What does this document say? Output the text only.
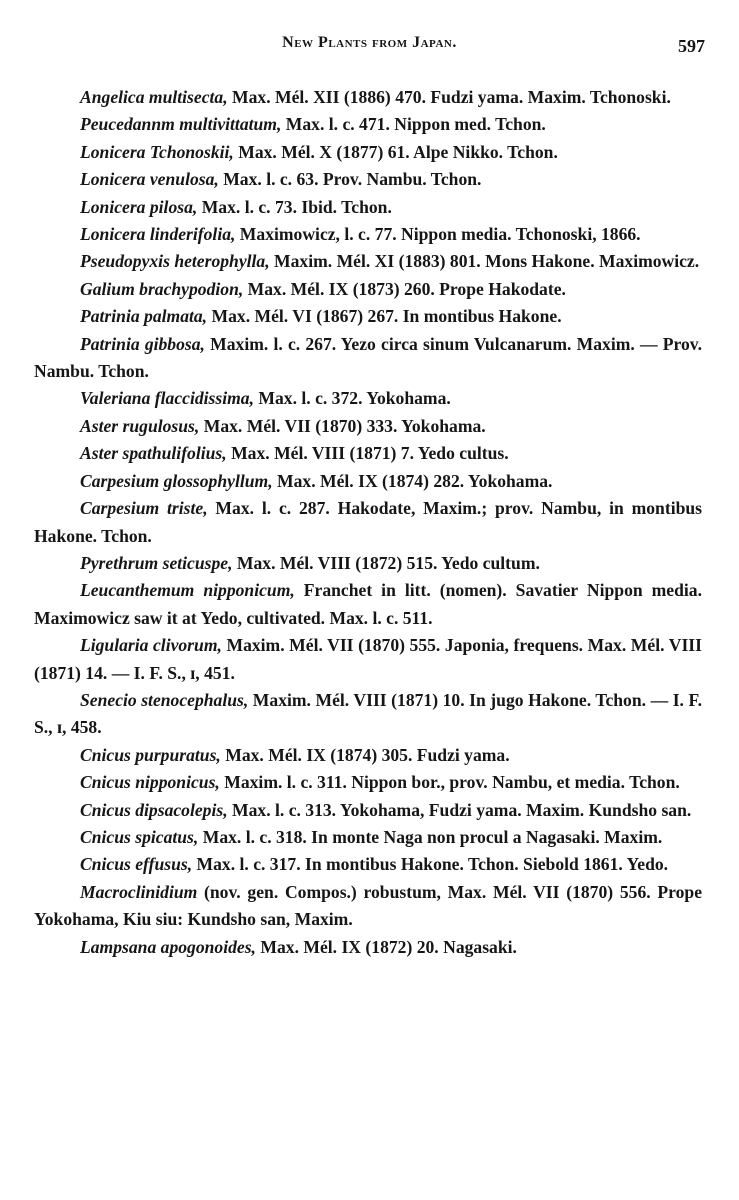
New Plants from Japan.	597

Angelica multisecta, Max. Mél. XII (1886) 470. Fudzi yama. Maxim. Tchonoski.

Peucedannm multivittatum, Max. l. c. 471. Nippon med. Tchon.

Lonicera Tchonoskii, Max. Mél. X (1877) 61. Alpe Nikko. Tchon.

Lonicera venulosa, Max. l. c. 63. Prov. Nambu. Tchon.

Lonicera pilosa, Max. l. c. 73. Ibid. Tchon.

Lonicera linderifolia, Maximowicz, l. c. 77. Nippon media. Tchonoski, 1866.

Pseudopyxis heterophylla, Maxim. Mél. XI (1883) 801. Mons Hakone. Maximowicz.

Galium brachypodion, Max. Mél. IX (1873) 260. Prope Hakodate.

Patrinia palmata, Max. Mél. VI (1867) 267. In montibus Hakone.

Patrinia gibbosa, Maxim. l. c. 267. Yezo circa sinum Vulcanarum. Maxim. — Prov. Nambu. Tchon.

Valeriana flaccidissima, Max. l. c. 372. Yokohama.

Aster rugulosus, Max. Mél. VII (1870) 333. Yokohama.

Aster spathulifolius, Max. Mél. VIII (1871) 7. Yedo cultus.

Carpesium glossophyllum, Max. Mél. IX (1874) 282. Yokohama.

Carpesium triste, Max. l. c. 287. Hakodate, Maxim.; prov. Nambu, in montibus Hakone. Tchon.

Pyrethrum seticuspe, Max. Mél. VIII (1872) 515. Yedo cultum.

Leucanthemum nipponicum, Franchet in litt. (nomen). Savatier Nippon media. Maximowicz saw it at Yedo, cultivated. Max. l. c. 511.

Ligularia clivorum, Maxim. Mél. VII (1870) 555. Japonia, frequens. Max. Mél. VIII (1871) 14. — I. F. S., ɪ, 451.

Senecio stenocephalus, Maxim. Mél. VIII (1871) 10. In jugo Hakone. Tchon. — I. F. S., ɪ, 458.

Cnicus purpuratus, Max. Mél. IX (1874) 305. Fudzi yama.

Cnicus nipponicus, Maxim. l. c. 311. Nippon bor., prov. Nambu, et media. Tchon.

Cnicus dipsacolepis, Max. l. c. 313. Yokohama, Fudzi yama. Maxim. Kundsho san.

Cnicus spicatus, Max. l. c. 318. In monte Naga non procul a Nagasaki. Maxim.

Cnicus effusus, Max. l. c. 317. In montibus Hakone. Tchon. Siebold 1861. Yedo.

Macroclinidium (nov. gen. Compos.) robustum, Max. Mél. VII (1870) 556. Prope Yokohama, Kiu siu: Kundsho san, Maxim.

Lampsana apogonoides, Max. Mél. IX (1872) 20. Nagasaki.
